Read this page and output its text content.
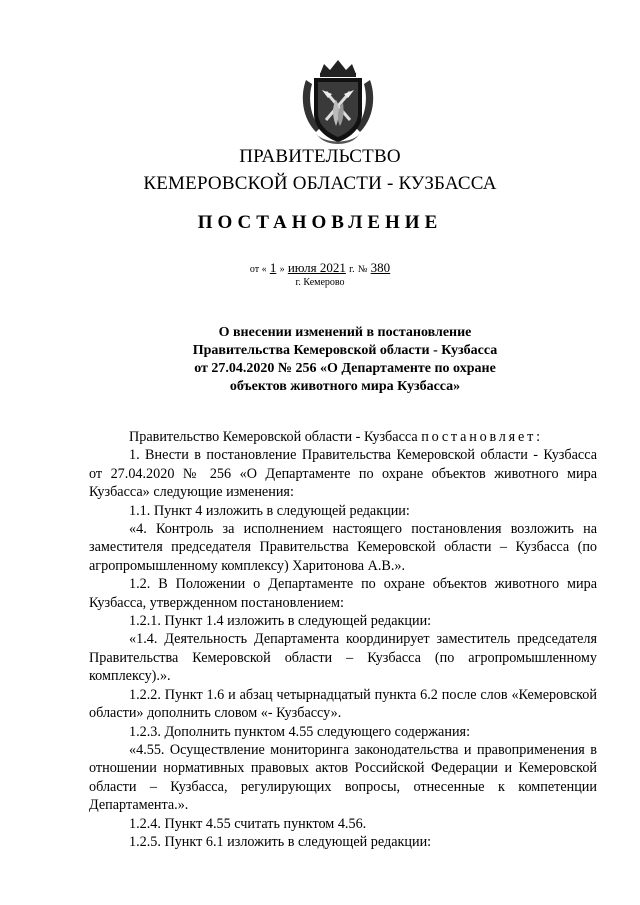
ПРАВИТЕЛЬСТВО
КЕМЕРОВСКОЙ ОБЛАСТИ - КУЗБАССА
ПОСТАНОВЛЕНИЕ
от « 1 » июля 2021 г. № 380
г. Кемерово
О внесении изменений в постановление
Правительства Кемеровской области - Кузбасса
от 27.04.2020 № 256 «О Департаменте по охране
объектов животного мира Кузбасса»

Правительство Кемеровской области - Кузбасса постановляет:

1. Внести в постановление Правительства Кемеровской области - Кузбасса от 27.04.2020 № 256 «О Департаменте по охране объектов животного мира Кузбасса» следующие изменения:

1.1. Пункт 4 изложить в следующей редакции:

«4. Контроль за исполнением настоящего постановления возложить на заместителя председателя Правительства Кемеровской области – Кузбасса (по агропромышленному комплексу) Харитонова А.В.».

1.2. В Положении о Департаменте по охране объектов животного мира Кузбасса, утвержденном постановлением:

1.2.1. Пункт 1.4 изложить в следующей редакции:

«1.4. Деятельность Департамента координирует заместитель председателя Правительства Кемеровской области – Кузбасса (по агропромышленному комплексу).».

1.2.2. Пункт 1.6 и абзац четырнадцатый пункта 6.2 после слов «Кемеровской области» дополнить словом «- Кузбассу».

1.2.3. Дополнить пунктом 4.55 следующего содержания:

«4.55. Осуществление мониторинга законодательства и правоприменения в отношении нормативных правовых актов Российской Федерации и Кемеровской области – Кузбасса, регулирующих вопросы, отнесенные к компетенции Департамента.».

1.2.4. Пункт 4.55 считать пунктом 4.56.

1.2.5. Пункт 6.1 изложить в следующей редакции:
